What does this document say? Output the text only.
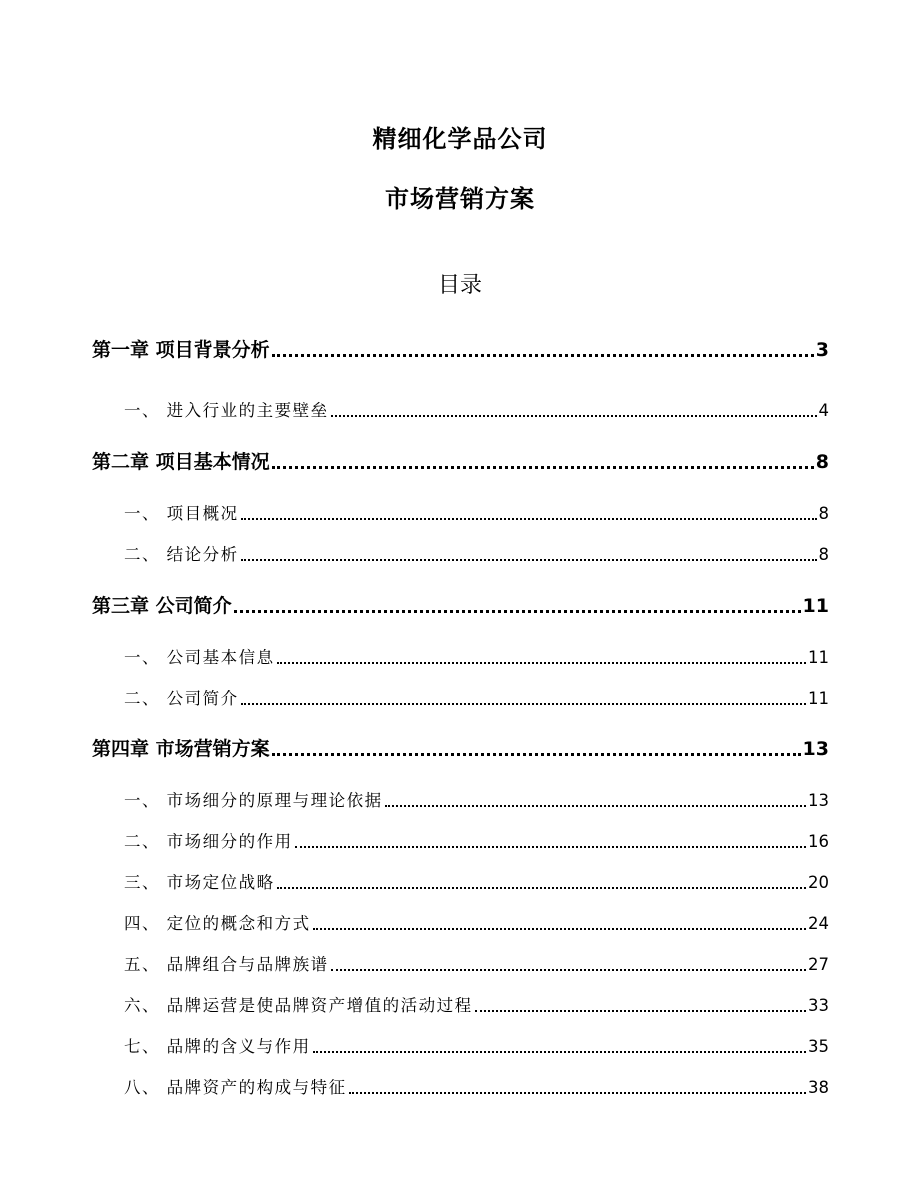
精细化学品公司
市场营销方案
目录
第一章 项目背景分析	3
一、 进入行业的主要壁垒	4
第二章 项目基本情况	8
一、 项目概况	8
二、 结论分析	8
第三章 公司简介	11
一、 公司基本信息	11
二、 公司简介	11
第四章 市场营销方案	13
一、 市场细分的原理与理论依据	13
二、 市场细分的作用	16
三、 市场定位战略	20
四、 定位的概念和方式	24
五、 品牌组合与品牌族谱	27
六、 品牌运营是使品牌资产增值的活动过程	33
七、 品牌的含义与作用	35
八、 品牌资产的构成与特征	38
